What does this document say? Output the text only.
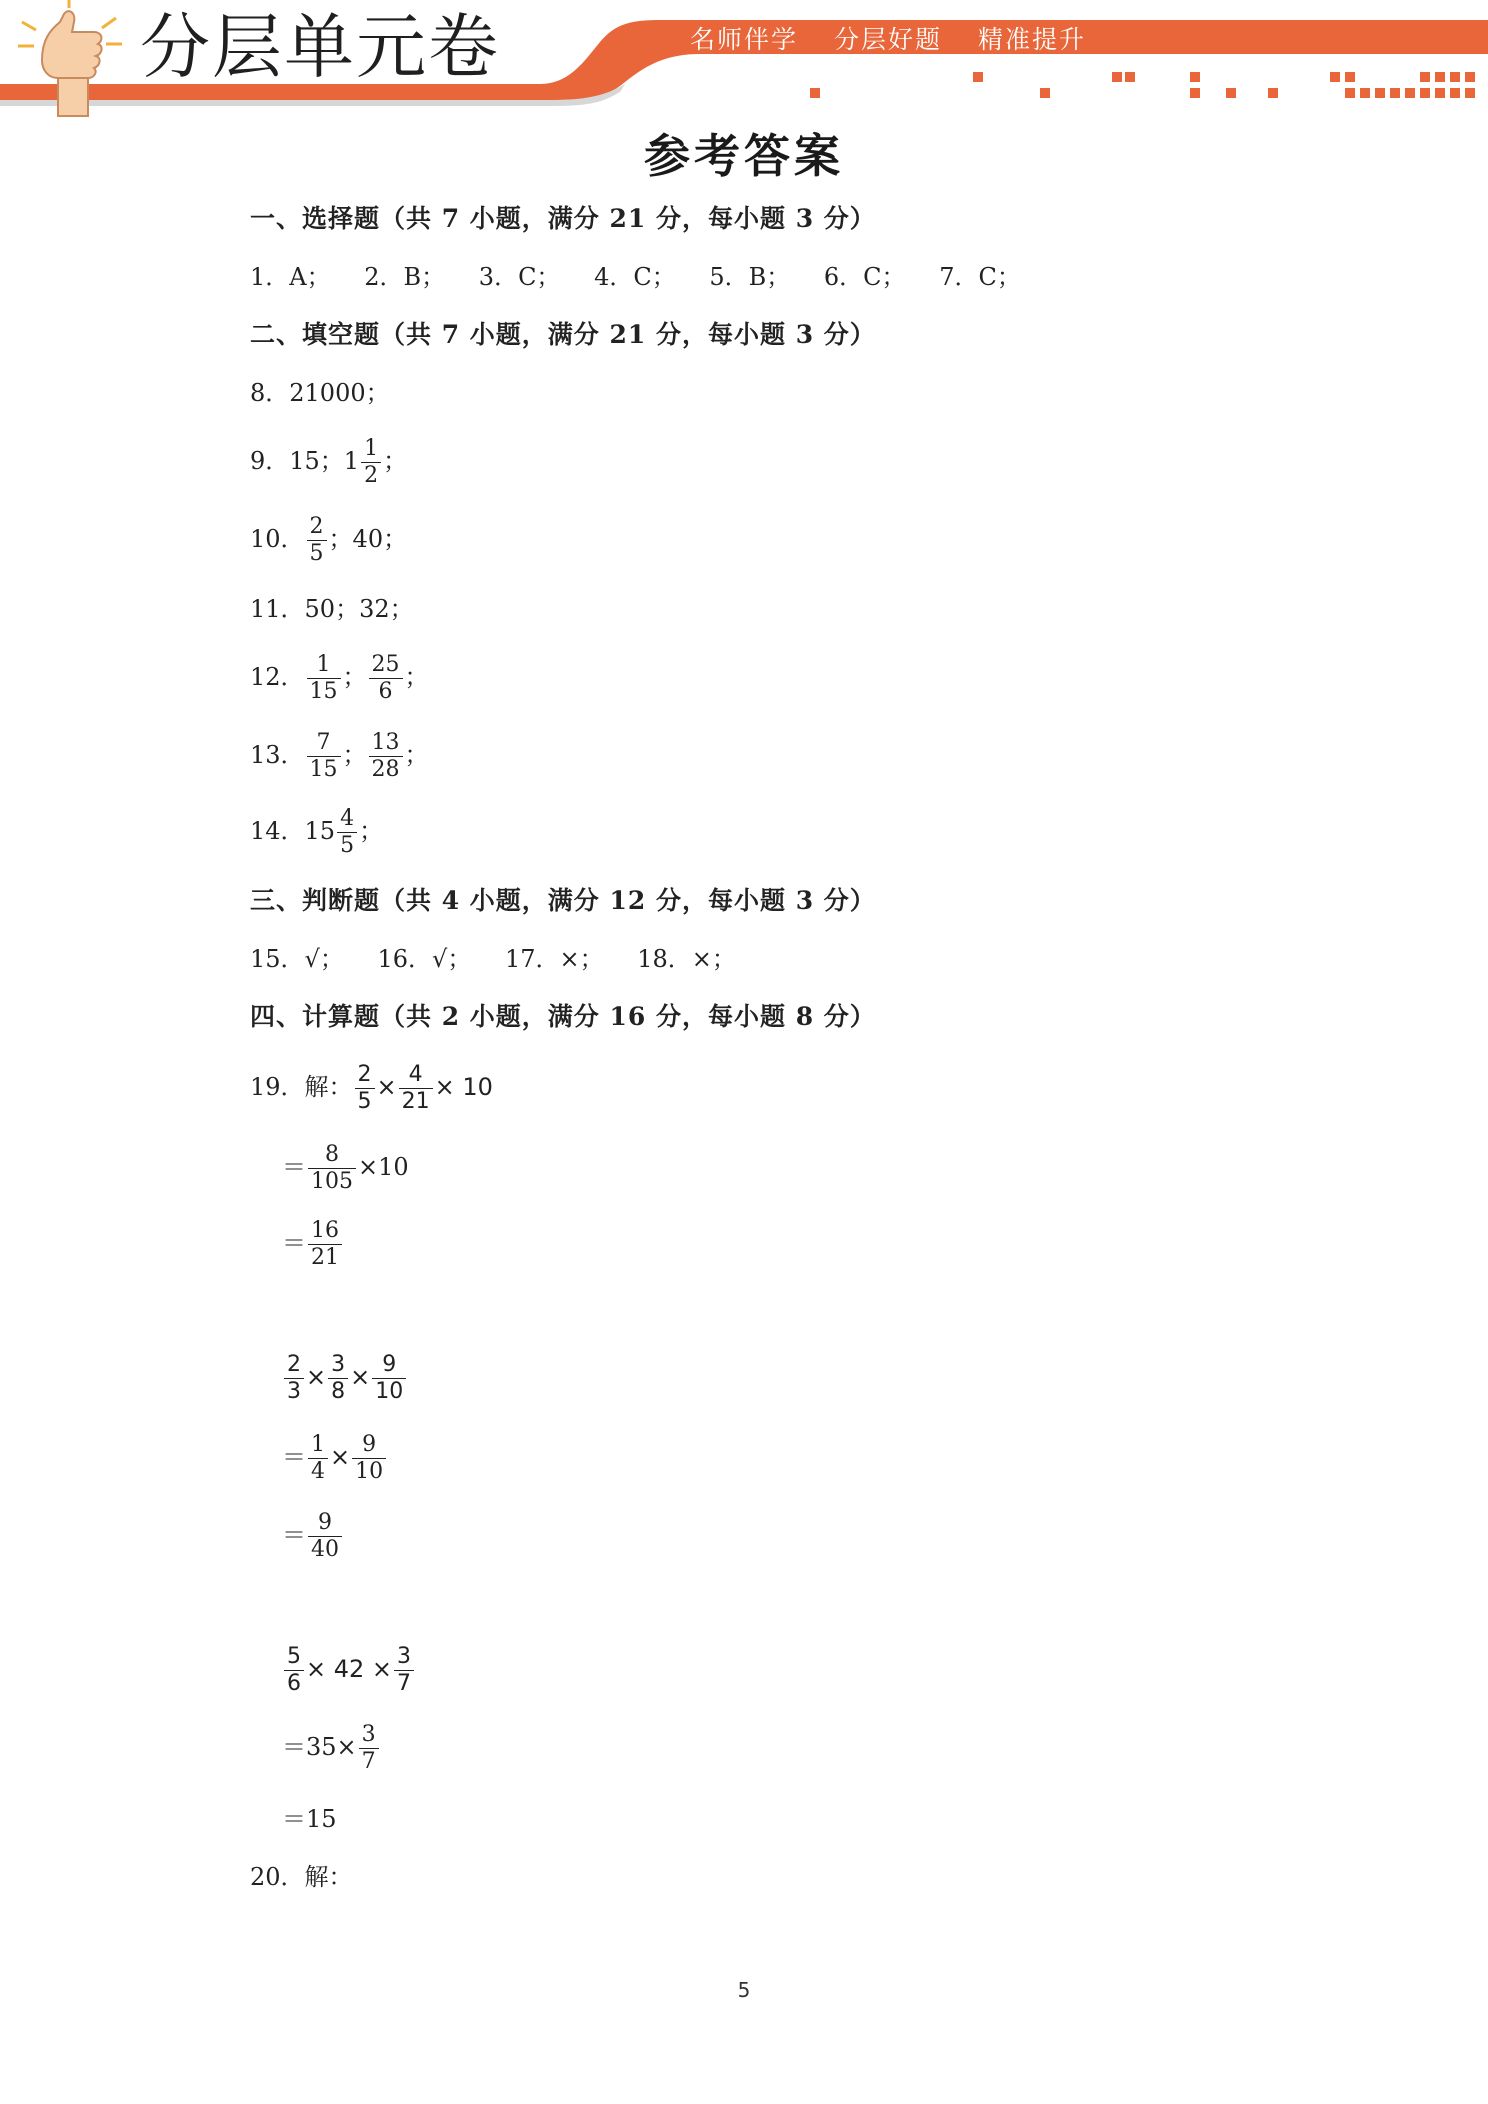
分层单元卷	名师伴学 分层好题 精准提升
参考答案
一、选择题（共 7 小题，满分 21 分，每小题 3 分）
1．A； 2．B； 3．C； 4．C； 5．B； 6．C； 7．C；
二、填空题（共 7 小题，满分 21 分，每小题 3 分）
8．21000；
9．15；$1 \frac{1}{2}$ ；
10． $\frac{2}{5}$ ；40；
11．50；32；
12． $\frac{1}{15}$ ； $\frac{25}{6}$ ；
13． $\frac{7}{15}$ ； $\frac{13}{28}$ ；
14．$15 \frac{4}{5}$ ；
三、判断题（共 4 小题，满分 12 分，每小题 3 分）
15．√； 16．√； 17．×； 18．×；
四、计算题（共 2 小题，满分 16 分，每小题 8 分）
19．解： $\frac{2}{5} \times \frac{4}{21} \times 10$
＝ $\frac{8}{105} \times 10$
＝ $\frac{16}{21}$
$\frac{2}{3} \times \frac{3}{8} \times \frac{9}{10}$
＝ $\frac{1}{4} \times \frac{9}{10}$
＝ $\frac{9}{40}$
$\frac{5}{6} \times 42 \times \frac{3}{7}$
$=35\times \frac{3}{7}$
＝15
20．解：
5
